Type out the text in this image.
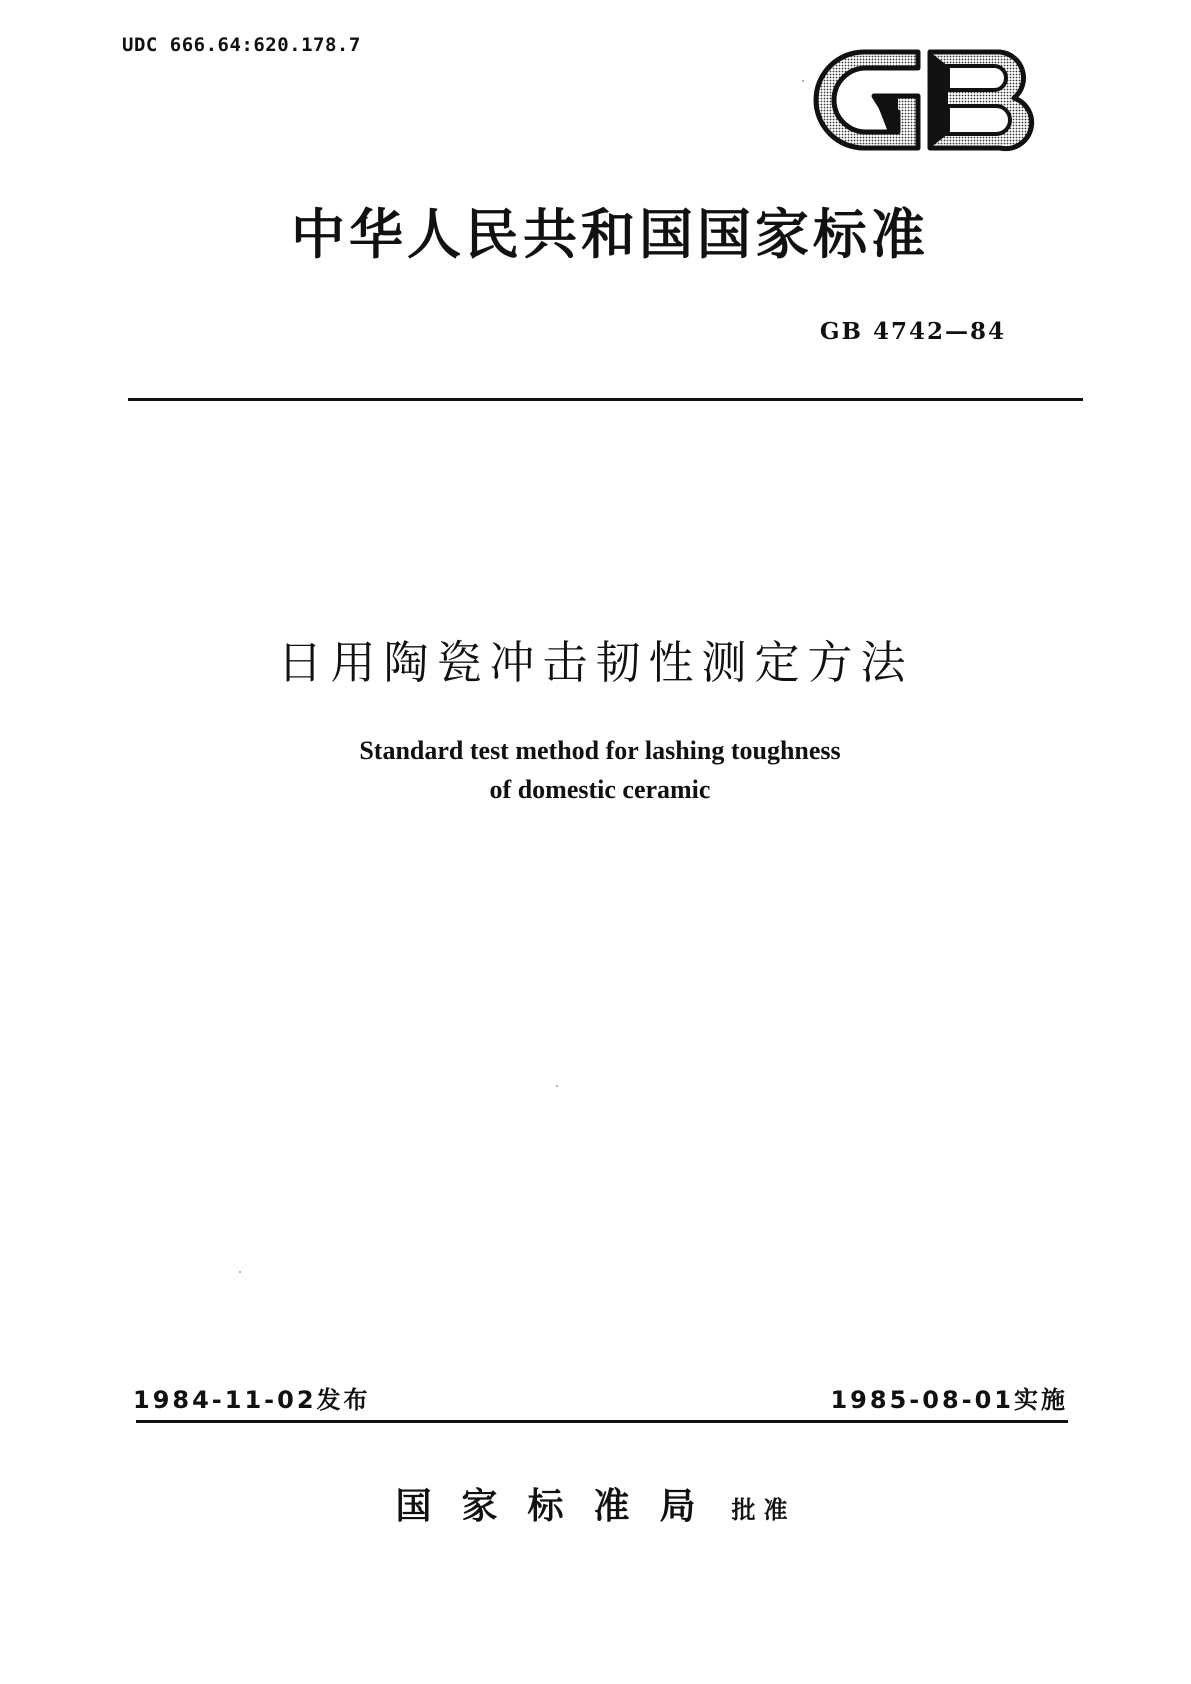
UDC 666.64:620.178.7
中华人民共和国国家标准
GB 4742—84
日用陶瓷冲击韧性测定方法
Standard test method for lashing toughness
of domestic ceramic
1984-11-02发布	1985-08-01实施
国家标准局 批准
